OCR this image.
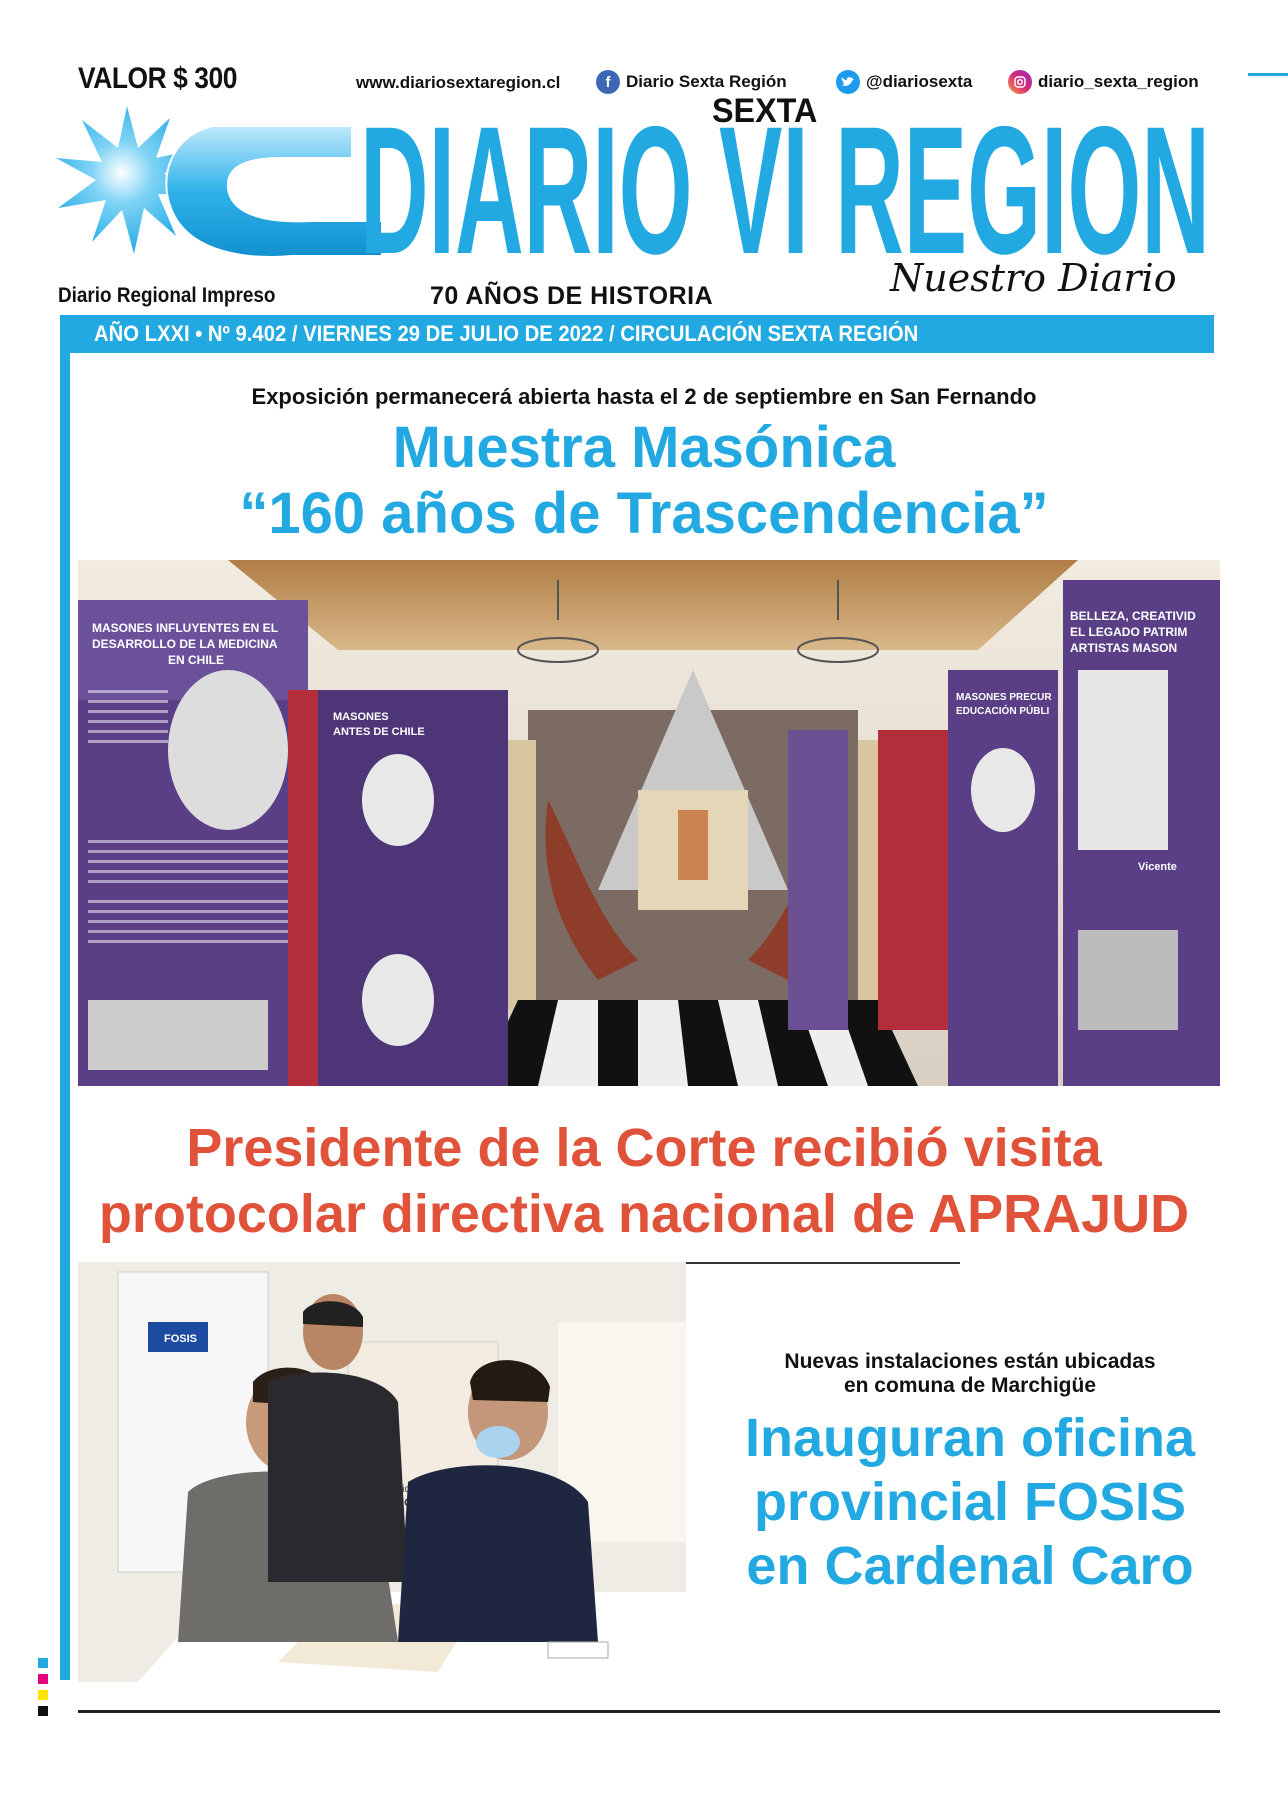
VALOR $ 300	www.diariosextaregion.cl	f Diario Sexta Región	@diariosexta	diario_sexta_region
DIARIO VI REGION
SEXTA
Nuestro Diario
Diario Regional Impreso	70 AÑOS DE HISTORIA
AÑO LXXI • Nº 9.402 / VIERNES 29 DE JULIO DE 2022 / CIRCULACIÓN SEXTA REGIÓN
Exposición permanecerá abierta hasta el 2 de septiembre en San Fernando
Muestra Masónica
“160 años de Trascendencia”
MASONES INFLUYENTES EN EL
DESARROLLO DE LA MEDICINA
EN CHILE
MASONES
ANTES DE CHILE
MASONES PRECUR
EDUCACIÓN PÚBLI
BELLEZA, CREATIVID
EL LEGADO PATRIM
ARTISTAS MASON
Vicente
Presidente de la Corte recibió visita
protocolar directiva nacional de APRAJUD
FOSIS
Nuevas instalaciones están ubicadas
en comuna de Marchigüe
Inauguran oficina
provincial FOSIS
en Cardenal Caro
